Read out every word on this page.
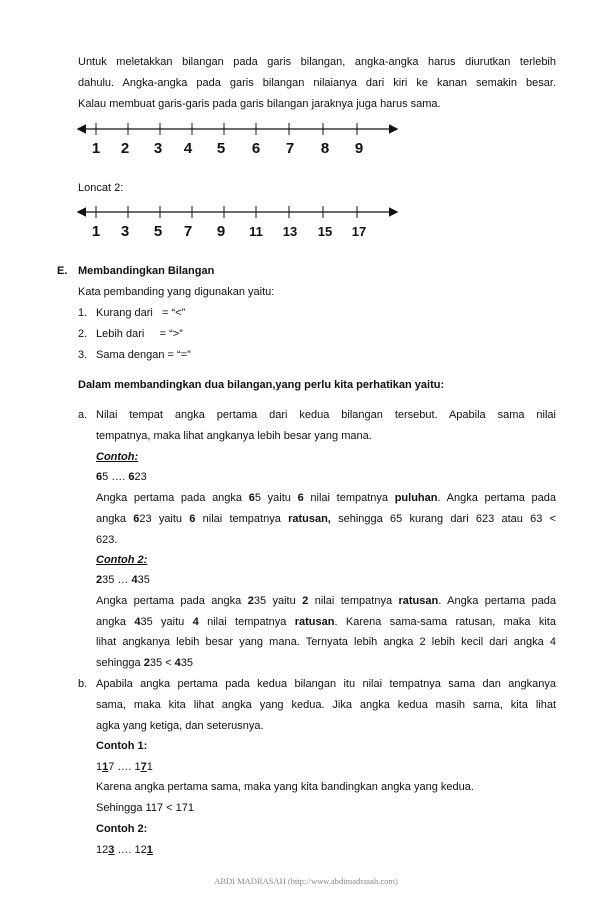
Untuk meletakkan bilangan pada garis bilangan, angka-angka harus diurutkan terlebih

dahulu. Angka-angka pada garis bilangan nilaianya dari kiri ke kanan semakin besar.

Kalau membuat garis-garis pada garis bilangan jaraknya juga harus sama.

1 2 3 4 5 6 7 8 9
1 3 5 7 9 11 13 15 17
Loncat 2:
E. Membandingkan Bilangan
Kata pembanding yang digunakan yaitu:
1. Kurang dari   = “<”
2. Lebih dari     = “>”
3. Sama dengan = “=”
Dalam membandingkan dua bilangan,yang perlu kita perhatikan yaitu:
a. Nilai tempat angka pertama dari kedua bilangan tersebut. Apabila sama nilai

tempatnya, maka lihat angkanya lebih besar yang mana.
Contoh:
65 …. 623

Angka pertama pada angka 65 yaitu 6 nilai tempatnya puluhan. Angka pertama pada

angka 623 yaitu 6 nilai tempatnya ratusan, sehingga 65 kurang dari 623 atau 63 <

623.
Contoh 2:
235 … 435

Angka pertama pada angka 235 yaitu 2 nilai tempatnya ratusan. Angka pertama pada

angka 435 yaitu 4 nilai tempatnya ratusan. Karena sama-sama ratusan, maka kita

lihat angkanya lebih besar yang mana. Ternyata lebih angka 2 lebih kecil dari angka 4

sehingga 235 < 435
b. Apabila angka pertama pada kedua bilangan itu nilai tempatnya sama dan angkanya

sama, maka kita lihat angka yang kedua. Jika angka kedua masih sama, kita lihat

agka yang ketiga, dan seterusnya.
Contoh 1:
117 …. 171
Karena angka pertama sama, maka yang kita bandingkan angka yang kedua.
Sehingga 117 < 171
Contoh 2:
123 …. 121
ABDI MADRASAH (http://www.abdimadrasah.com)
